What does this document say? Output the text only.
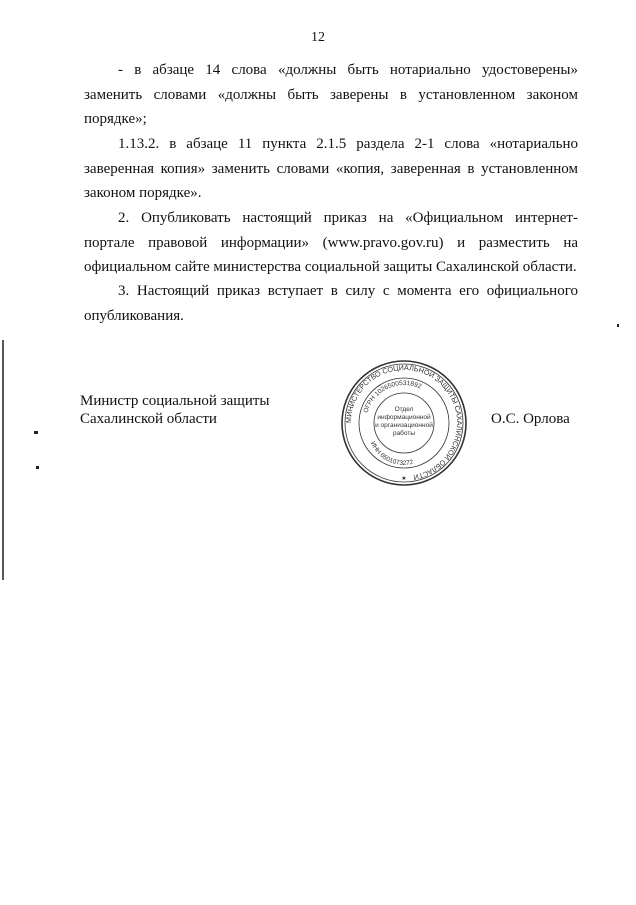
12

- в абзаце 14 слова «должны быть нотариально удостоверены» заменить словами «должны быть заверены в установленном законом порядке»;

1.13.2. в абзаце 11 пункта 2.1.5 раздела 2-1 слова «нотариально заверенная копия» заменить словами «копия, заверенная в установленном законом порядке».

2. Опубликовать настоящий приказ на «Официальном интернет-портале правовой информации» (www.pravo.gov.ru) и разместить на официальном сайте министерства социальной защиты Сахалинской области.

3. Настоящий приказ вступает в силу с момента его официального опубликования.

Министр социальной защиты
Сахалинской области	МИНИСТЕРСТВО СОЦИАЛЬНОЙ ЗАЩИТЫ САХАЛИНСКОЙ ОБЛАСТИ
ОГРН 1026500531892
ИНН 6501073272
Отдел
информационной
и организационной
работы
★
О.С. Орлова
